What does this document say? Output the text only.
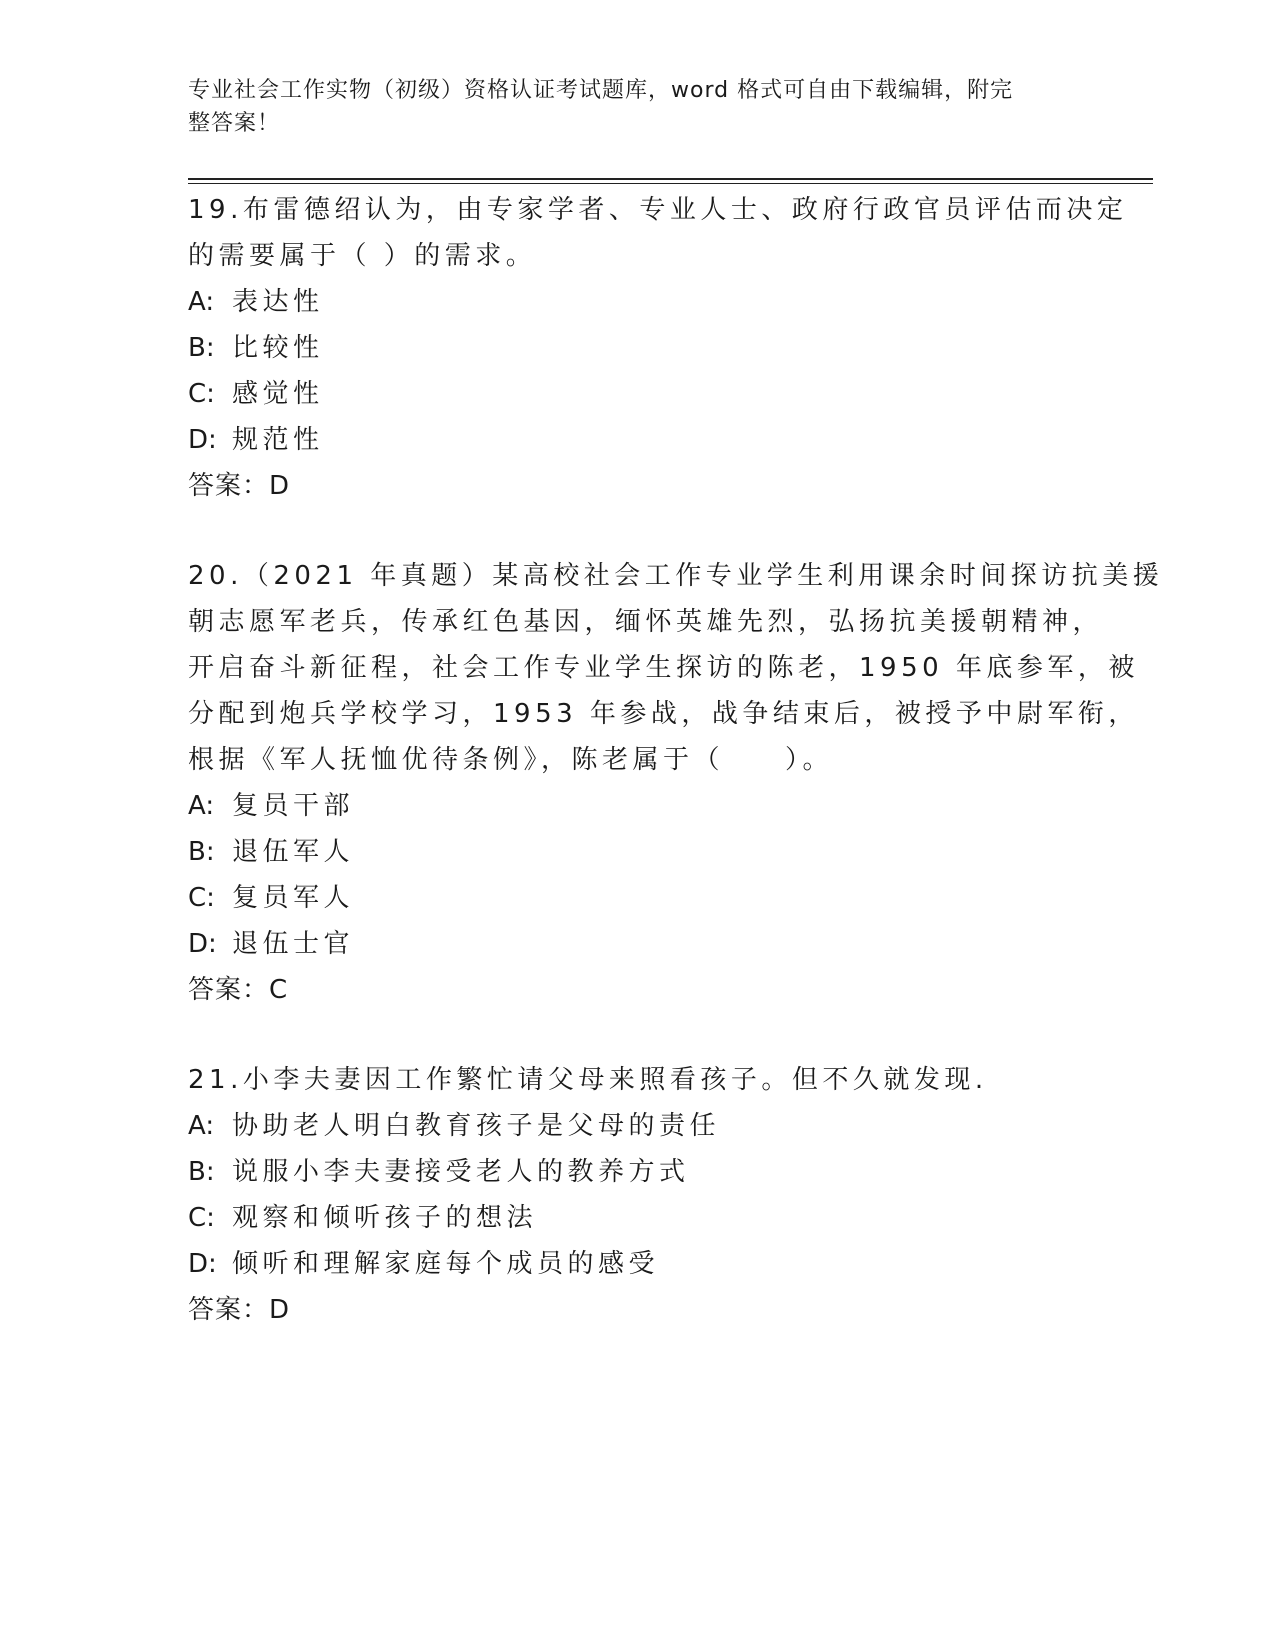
专业社会工作实物（初级）资格认证考试题库，word 格式可自由下载编辑，附完
整答案！
19.布雷德绍认为，由专家学者、专业人士、政府行政官员评估而决定
的需要属于（ ）的需求。
A: 表达性
B: 比较性
C: 感觉性
D: 规范性
答案：D
20.（2021 年真题）某高校社会工作专业学生利用课余时间探访抗美援
朝志愿军老兵，传承红色基因，缅怀英雄先烈，弘扬抗美援朝精神，
开启奋斗新征程，社会工作专业学生探访的陈老，1950 年底参军，被
分配到炮兵学校学习，1953 年参战，战争结束后，被授予中尉军衔，
根据《军人抚恤优待条例》，陈老属于（　　）。
A: 复员干部
B: 退伍军人
C: 复员军人
D: 退伍士官
答案：C
21.小李夫妻因工作繁忙请父母来照看孩子。但不久就发现.
A: 协助老人明白教育孩子是父母的责任
B: 说服小李夫妻接受老人的教养方式
C: 观察和倾听孩子的想法
D: 倾听和理解家庭每个成员的感受
答案：D
